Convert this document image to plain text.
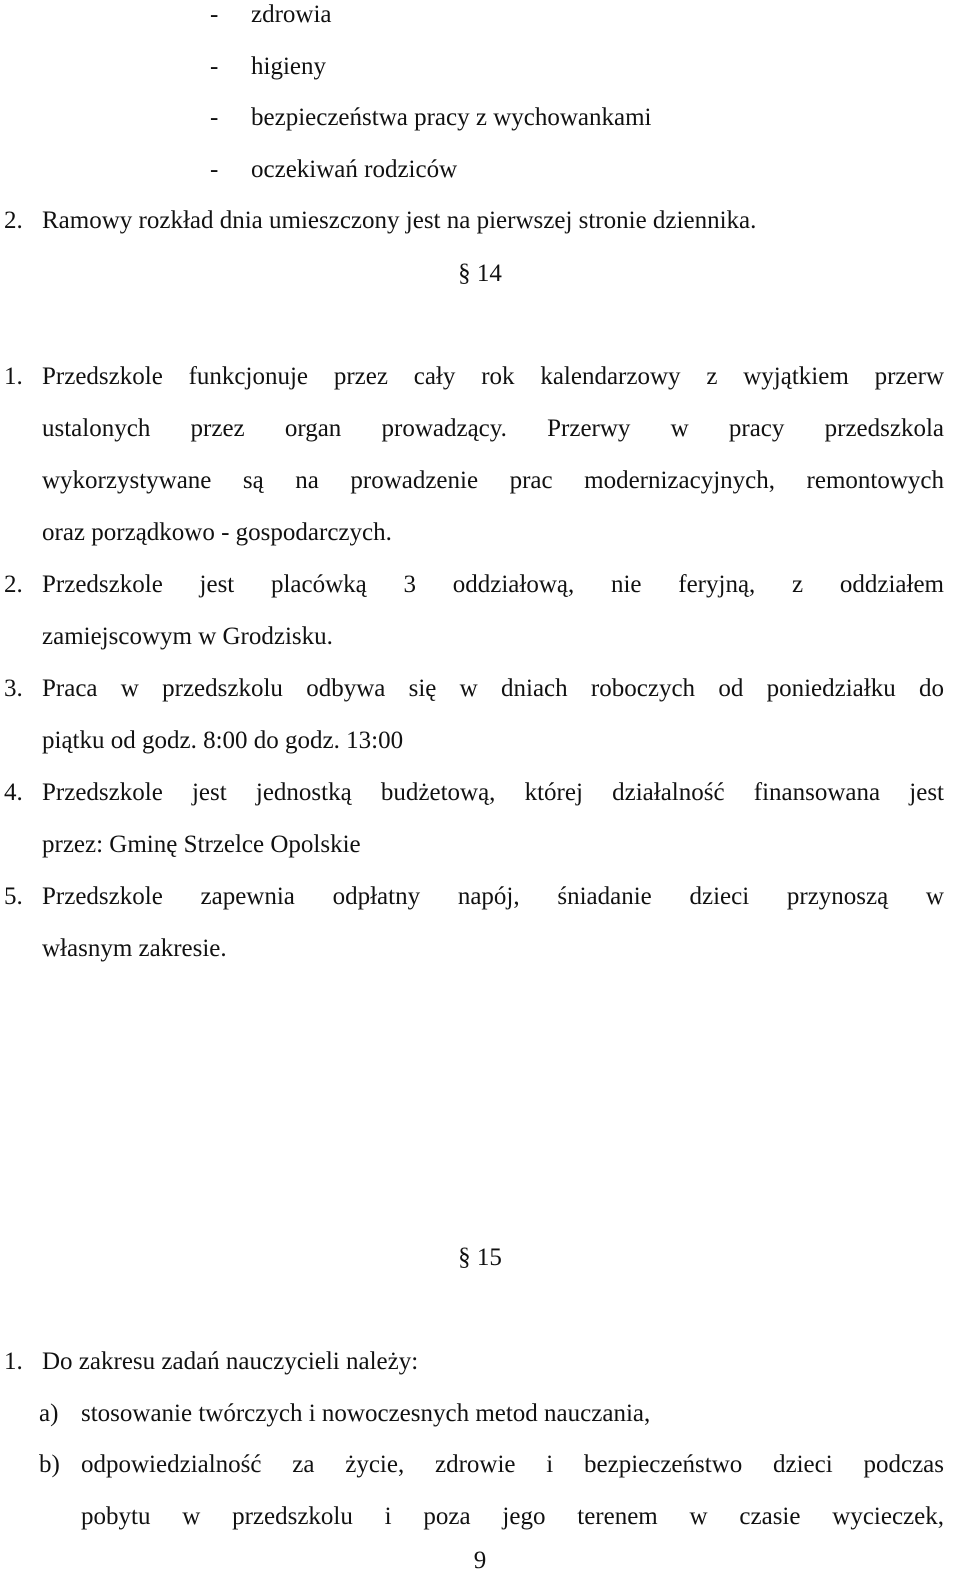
- zdrowia
- higieny
- bezpieczeństwa pracy z wychowankami
- oczekiwań rodziców
2. Ramowy rozkład dnia umieszczony jest na pierwszej stronie dziennika.
§ 14
1. Przedszkole funkcjonuje przez cały rok kalendarzowy z wyjątkiem przerw
ustalonych przez organ prowadzący. Przerwy w pracy przedszkola
wykorzystywane są na prowadzenie prac modernizacyjnych, remontowych
oraz porządkowo - gospodarczych.
2. Przedszkole jest placówką 3 oddziałową, nie feryjną, z oddziałem
zamiejscowym w Grodzisku.
3. Praca w przedszkolu odbywa się w dniach roboczych od poniedziałku do
piątku od godz. 8:00 do godz. 13:00
4. Przedszkole jest jednostką budżetową, której działalność finansowana jest
przez: Gminę Strzelce Opolskie
5. Przedszkole zapewnia odpłatny napój, śniadanie dzieci przynoszą w
własnym zakresie.
§ 15
1. Do zakresu zadań nauczycieli należy:
a) stosowanie twórczych i nowoczesnych metod nauczania,
b) odpowiedzialność za życie, zdrowie i bezpieczeństwo dzieci podczas
pobytu w przedszkolu i poza jego terenem w czasie wycieczek,
9
